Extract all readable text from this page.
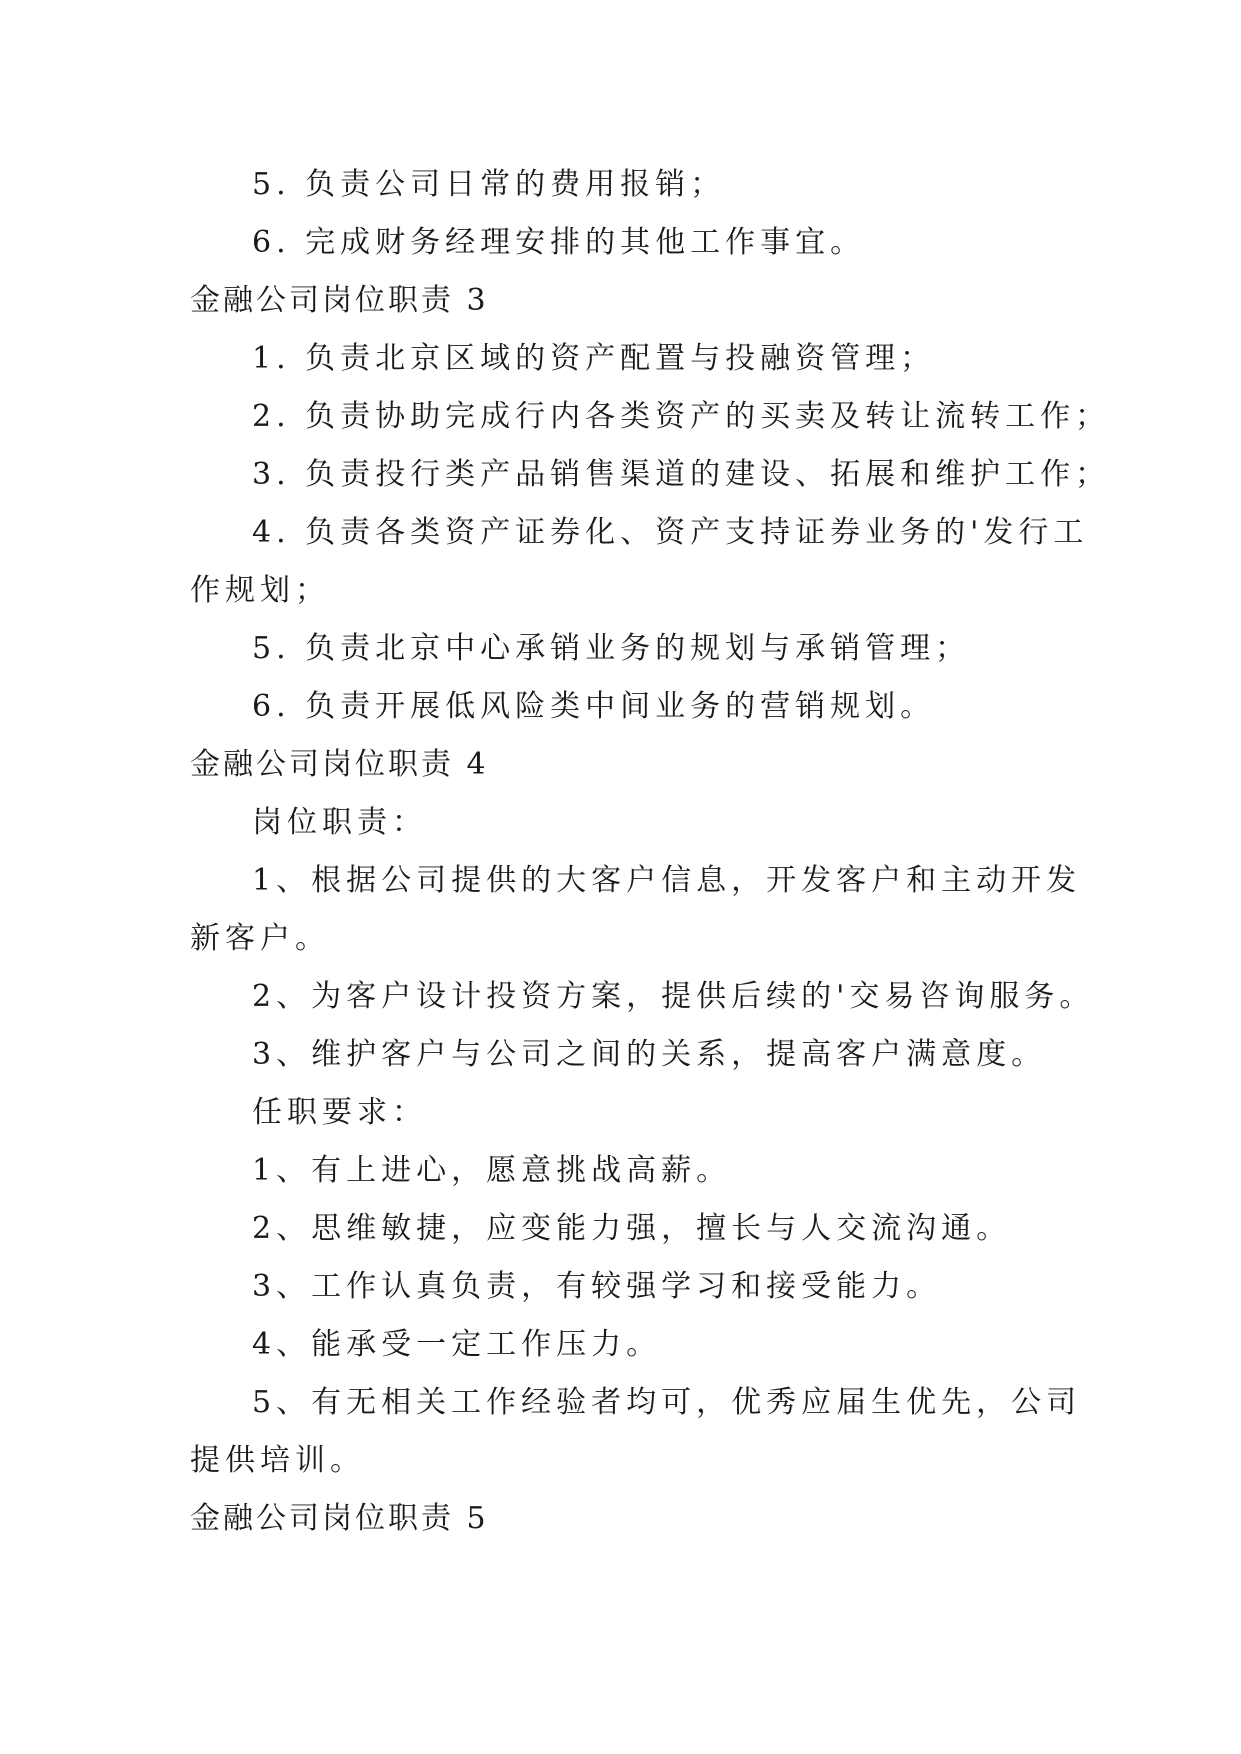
5. 负责公司日常的费用报销；
6. 完成财务经理安排的其他工作事宜。
金融公司岗位职责 3
1. 负责北京区域的资产配置与投融资管理；
2. 负责协助完成行内各类资产的买卖及转让流转工作；
3. 负责投行类产品销售渠道的建设、拓展和维护工作；
4. 负责各类资产证券化、资产支持证券业务的'发行工
作规划；
5. 负责北京中心承销业务的规划与承销管理；
6. 负责开展低风险类中间业务的营销规划。
金融公司岗位职责 4
岗位职责：
1、根据公司提供的大客户信息，开发客户和主动开发
新客户。
2、为客户设计投资方案，提供后续的'交易咨询服务。
3、维护客户与公司之间的关系，提高客户满意度。
任职要求：
1、有上进心，愿意挑战高薪。
2、思维敏捷，应变能力强，擅长与人交流沟通。
3、工作认真负责，有较强学习和接受能力。
4、能承受一定工作压力。
5、有无相关工作经验者均可，优秀应届生优先，公司
提供培训。
金融公司岗位职责 5
